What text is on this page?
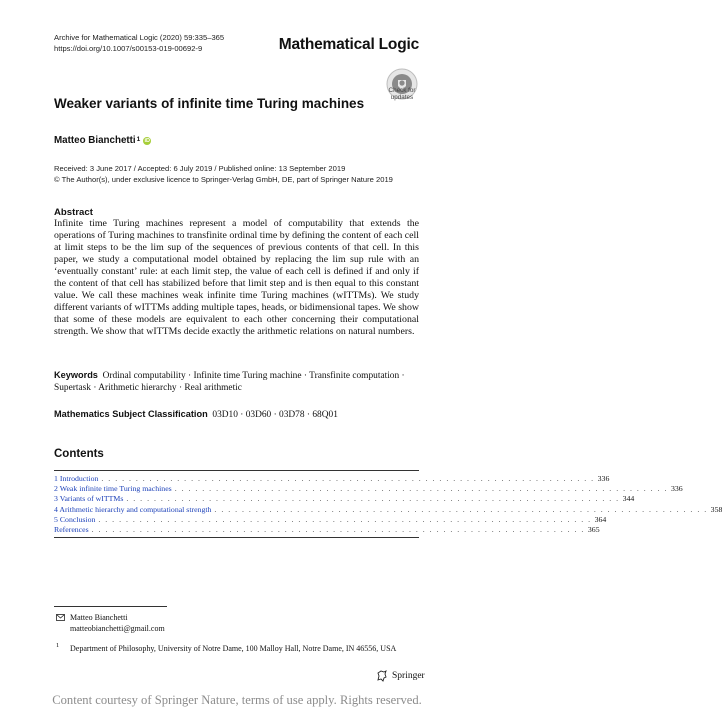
Archive for Mathematical Logic (2020) 59:335–365
https://doi.org/10.1007/s00153-019-00692-9	Mathematical Logic
Check for
updates
Weaker variants of infinite time Turing machines
Matteo Bianchetti$^1$ iD
Received: 3 June 2017 / Accepted: 6 July 2019 / Published online: 13 September 2019
© The Author(s), under exclusive licence to Springer-Verlag GmbH, DE, part of Springer Nature 2019
Abstract
Infinite time Turing machines represent a model of computability that extends the operations of Turing machines to transfinite ordinal time by defining the content of each cell at limit steps to be the lim sup of the sequences of previous contents of that cell. In this paper, we study a computational model obtained by replacing the lim sup rule with an ‘eventually constant’ rule: at each limit step, the value of each cell is defined if and only if the content of that cell has stabilized before that limit step and is then equal to this constant value. We call these machines weak infinite time Turing machines (wITTMs). We study different variants of wITTMs adding multiple tapes, heads, or bidimensional tapes. We show that some of these models are equivalent to each other concerning their computational strength. We show that wITTMs decide exactly the arithmetic relations on natural numbers.
Keywords Ordinal computability · Infinite time Turing machine · Transfinite computation · Supertask · Arithmetic hierarchy · Real arithmetic
Mathematics Subject Classification 03D10 · 03D60 · 03D78 · 68Q01
Contents
1 Introduction . . . . . . . . . . . . . . . . . . . . . . . . . . . . . . . . . . . . . . . . . . . . . . . . . . . . . . . . . . . . . . . . . . . . . . . . 336
2 Weak infinite time Turing machines . . . . . . . . . . . . . . . . . . . . . . . . . . . . . . . . . . . . . . . . . . . . . . . . . . . . . . . . . . . . . . . . . . . . . . . . 336
3 Variants of wITTMs . . . . . . . . . . . . . . . . . . . . . . . . . . . . . . . . . . . . . . . . . . . . . . . . . . . . . . . . . . . . . . . . . . . . . . . . 344
4 Arithmetic hierarchy and computational strength . . . . . . . . . . . . . . . . . . . . . . . . . . . . . . . . . . . . . . . . . . . . . . . . . . . . . . . . . . . . . . . . . . . . . . . . 358
5 Conclusion . . . . . . . . . . . . . . . . . . . . . . . . . . . . . . . . . . . . . . . . . . . . . . . . . . . . . . . . . . . . . . . . . . . . . . . . 364
References . . . . . . . . . . . . . . . . . . . . . . . . . . . . . . . . . . . . . . . . . . . . . . . . . . . . . . . . . . . . . . . . . . . . . . . . 365
Matteo Bianchetti
matteobianchetti@gmail.com
1 Department of Philosophy, University of Notre Dame, 100 Malloy Hall, Notre Dame, IN 46556, USA
Springer
Content courtesy of Springer Nature, terms of use apply. Rights reserved.
